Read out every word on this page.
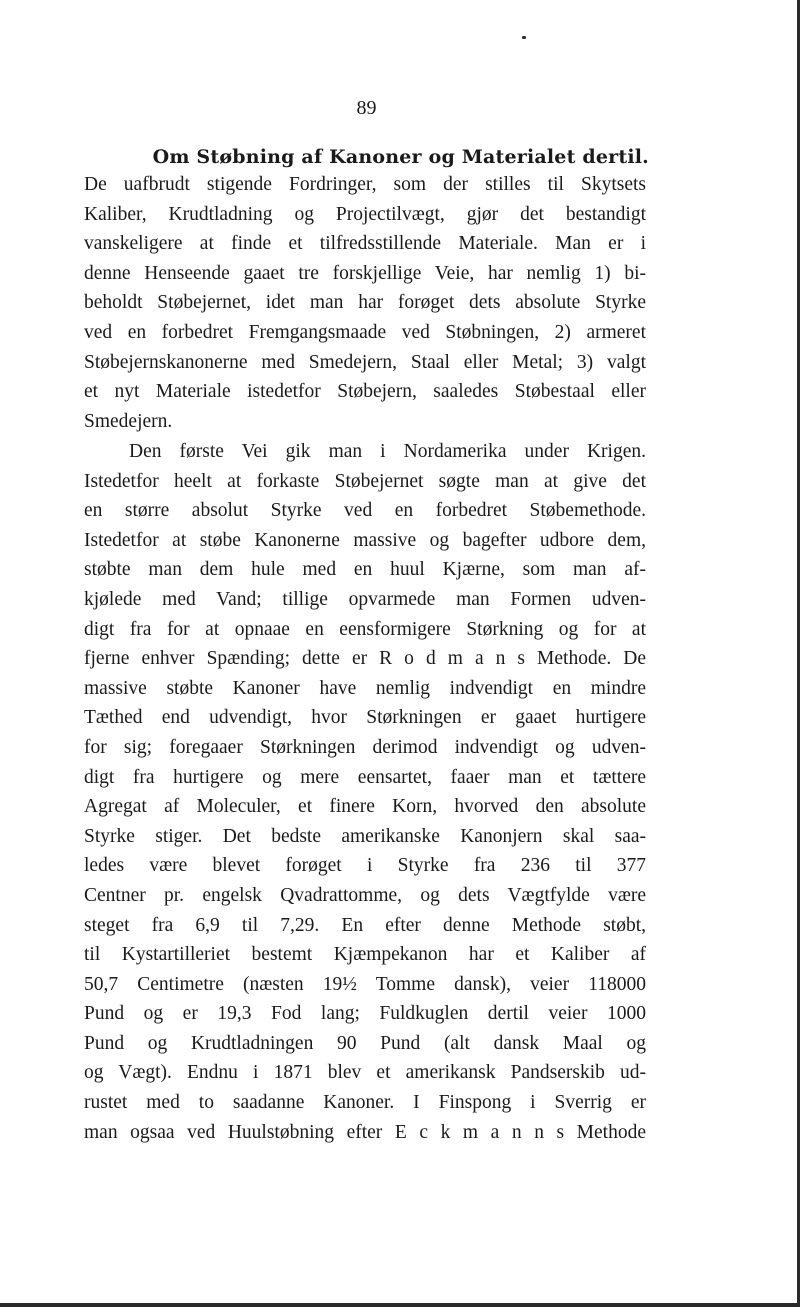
89
Om Støbning af Kanoner og Materialet dertil.
De uafbrudt stigende Fordringer, som der stilles til Skytsets
Kaliber, Krudtladning og Projectilvægt, gjør det bestandigt
vanskeligere at finde et tilfredsstillende Materiale. Man er i
denne Henseende gaaet tre forskjellige Veie, har nemlig 1) bi-
beholdt Støbejernet, idet man har forøget dets absolute Styrke
ved en forbedret Fremgangsmaade ved Støbningen, 2) armeret
Støbejernskanonerne med Smedejern, Staal eller Metal; 3) valgt
et nyt Materiale istedetfor Støbejern, saaledes Støbestaal eller
Smedejern.
Den første Vei gik man i Nordamerika under Krigen.
Istedetfor heelt at forkaste Støbejernet søgte man at give det
en større absolut Styrke ved en forbedret Støbemethode.
Istedetfor at støbe Kanonerne massive og bagefter udbore dem,
støbte man dem hule med en huul Kjærne, som man af-
kjølede med Vand; tillige opvarmede man Formen udven-
digt fra for at opnaae en eensformigere Størkning og for at
fjerne enhver Spænding; dette er R o d m a n s Methode. De
massive støbte Kanoner have nemlig indvendigt en mindre
Tæthed end udvendigt, hvor Størkningen er gaaet hurtigere
for sig; foregaaer Størkningen derimod indvendigt og udven-
digt fra hurtigere og mere eensartet, faaer man et tættere
Agregat af Moleculer, et finere Korn, hvorved den absolute
Styrke stiger. Det bedste amerikanske Kanonjern skal saa-
ledes være blevet forøget i Styrke fra 236 til 377
Centner pr. engelsk Qvadrattomme, og dets Vægtfylde være
steget fra 6,9 til 7,29. En efter denne Methode støbt,
til Kystartilleriet bestemt Kjæmpekanon har et Kaliber af
50,7 Centimetre (næsten 19½ Tomme dansk), veier 118000
Pund og er 19,3 Fod lang; Fuldkuglen dertil veier 1000
Pund og Krudtladningen 90 Pund (alt dansk Maal og
og Vægt). Endnu i 1871 blev et amerikansk Pandserskib ud-
rustet med to saadanne Kanoner. I Finspong i Sverrig er
man ogsaa ved Huulstøbning efter E c k m a n n s Methode
